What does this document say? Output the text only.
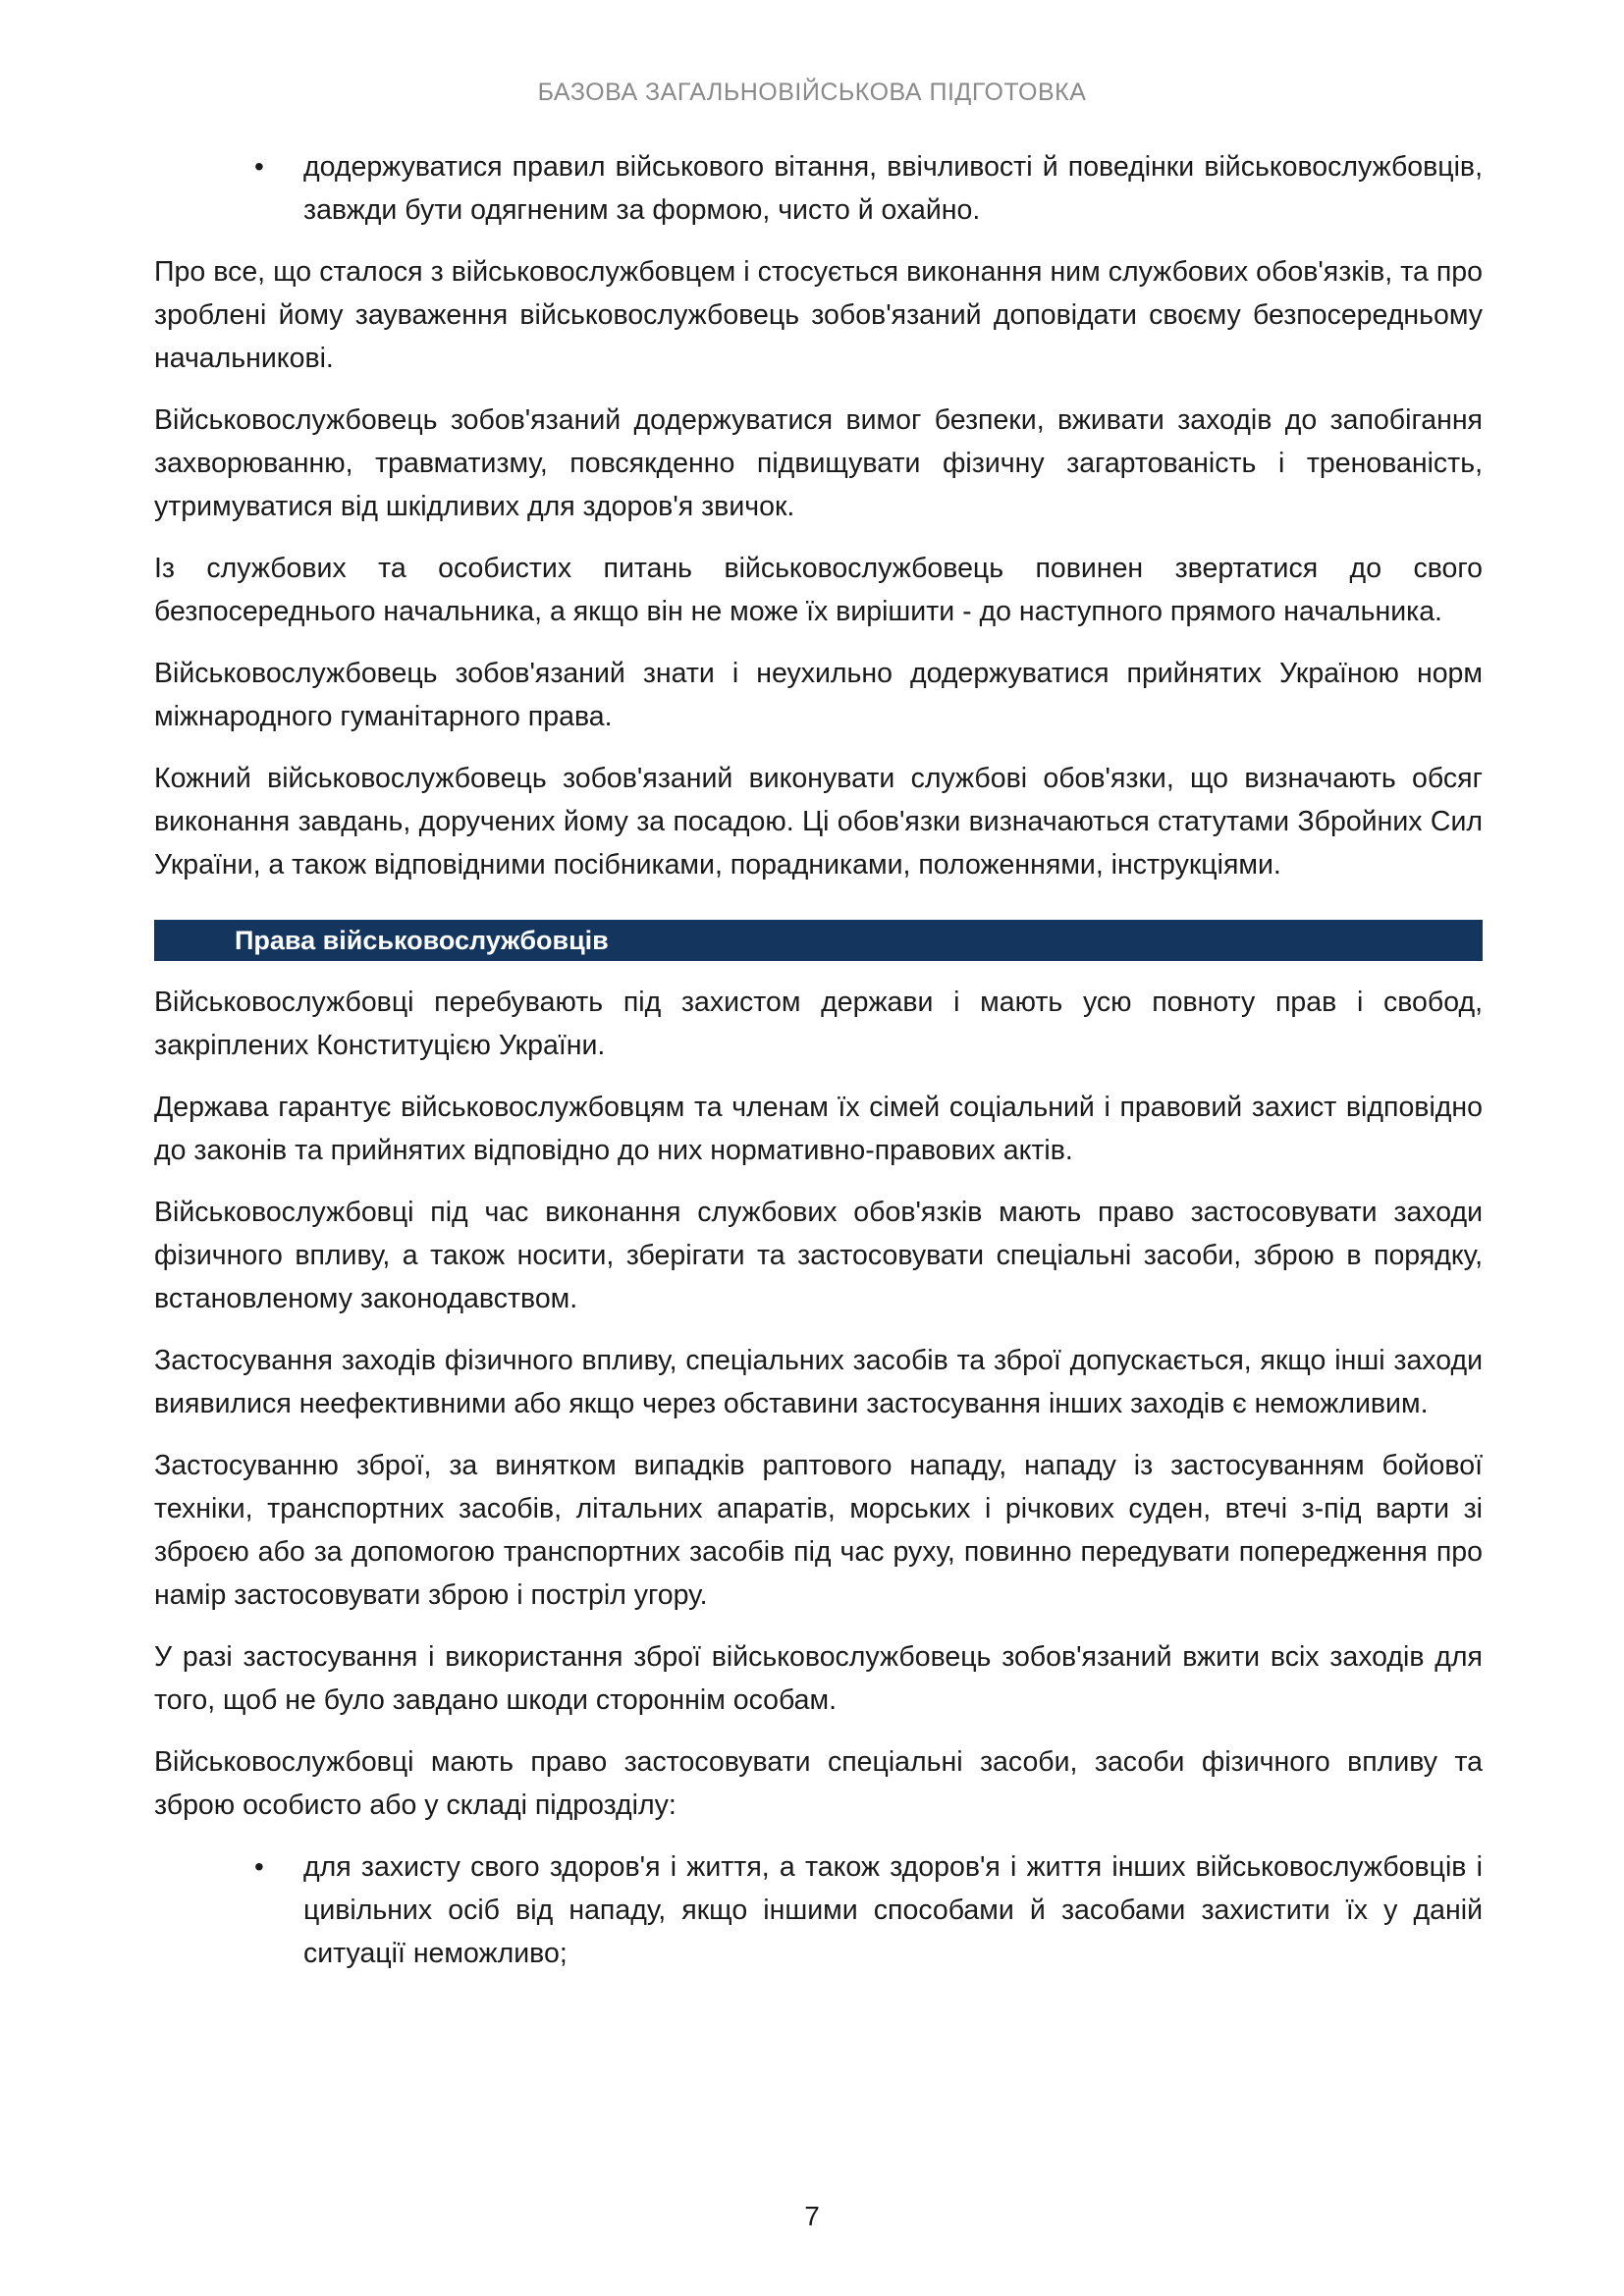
БАЗОВА ЗАГАЛЬНОВІЙСЬКОВА ПІДГОТОВКА
• додержуватися правил військового вітання, ввічливості й поведінки військовослужбовців, завжди бути одягненим за формою, чисто й охайно.

Про все, що сталося з військовослужбовцем і стосується виконання ним службових обов'язків, та про зроблені йому зауваження військовослужбовець зобов'язаний доповідати своєму безпосередньому начальникові.

Військовослужбовець зобов'язаний додержуватися вимог безпеки, вживати заходів до запобігання захворюванню, травматизму, повсякденно підвищувати фізичну загартованість і тренованість, утримуватися від шкідливих для здоров'я звичок.

Із службових та особистих питань військовослужбовець повинен звертатися до свого безпосереднього начальника, а якщо він не може їх вирішити - до наступного прямого начальника.

Військовослужбовець зобов'язаний знати і неухильно додержуватися прийнятих Україною норм міжнародного гуманітарного права.

Кожний військовослужбовець зобов'язаний виконувати службові обов'язки, що визначають обсяг виконання завдань, доручених йому за посадою. Ці обов'язки визначаються статутами Збройних Сил України, а також відповідними посібниками, порадниками, положеннями, інструкціями.

Права військовослужбовців

Військовослужбовці перебувають під захистом держави і мають усю повноту прав і свобод, закріплених Конституцією України.

Держава гарантує військовослужбовцям та членам їх сімей соціальний і правовий захист відповідно до законів та прийнятих відповідно до них нормативно-правових актів.

Військовослужбовці під час виконання службових обов'язків мають право застосовувати заходи фізичного впливу, а також носити, зберігати та застосовувати спеціальні засоби, зброю в порядку, встановленому законодавством.

Застосування заходів фізичного впливу, спеціальних засобів та зброї допускається, якщо інші заходи виявилися неефективними або якщо через обставини застосування інших заходів є неможливим.

Застосуванню зброї, за винятком випадків раптового нападу, нападу із застосуванням бойової техніки, транспортних засобів, літальних апаратів, морських і річкових суден, втечі з-під варти зі зброєю або за допомогою транспортних засобів під час руху, повинно передувати попередження про намір застосовувати зброю і постріл угору.

У разі застосування і використання зброї військовослужбовець зобов'язаний вжити всіх заходів для того, щоб не було завдано шкоди стороннім особам.

Військовослужбовці мають право застосовувати спеціальні засоби, засоби фізичного впливу та зброю особисто або у складі підрозділу:

• для захисту свого здоров'я і життя, а також здоров'я і життя інших військовослужбовців і цивільних осіб від нападу, якщо іншими способами й засобами захистити їх у даній ситуації неможливо;
7
